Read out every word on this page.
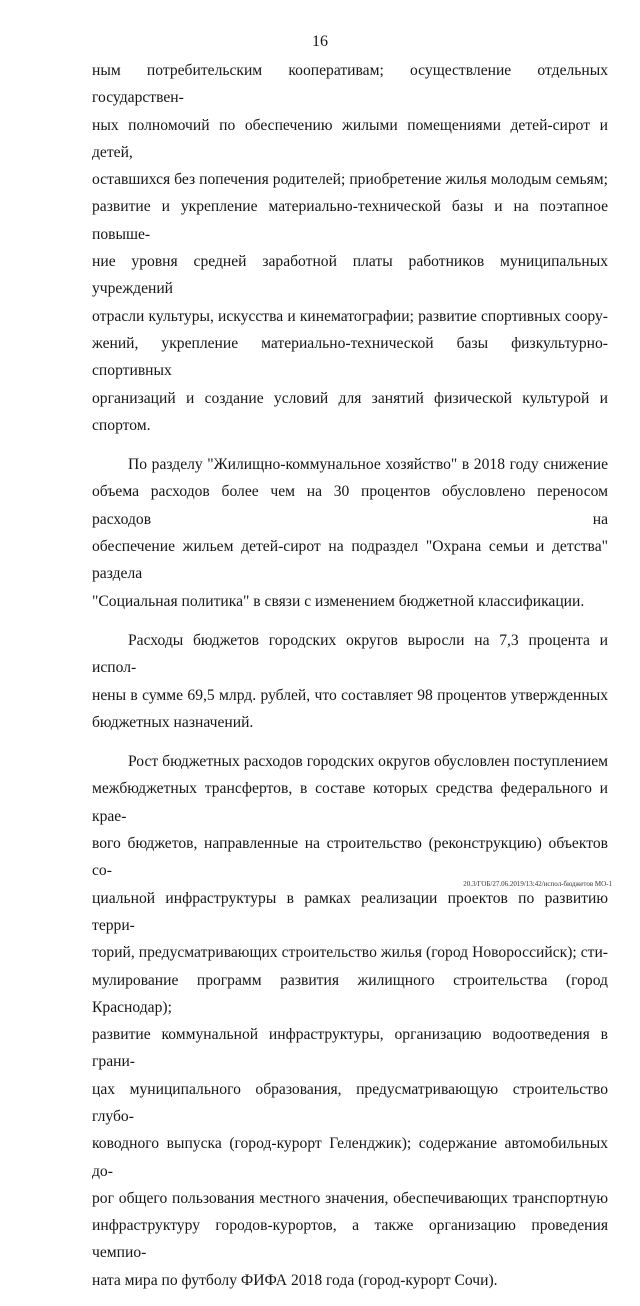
16

ным потребительским кооперативам; осуществление отдельных государствен-
ных полномочий по обеспечению жилыми помещениями детей-сирот и детей,
оставшихся без попечения родителей; приобретение жилья молодым семьям;
развитие и укрепление материально-технической базы и на поэтапное повыше-
ние уровня средней заработной платы работников муниципальных учреждений
отрасли культуры, искусства и кинематографии; развитие спортивных соору-
жений, укрепление материально-технической базы физкультурно-спортивных
организаций и создание условий для занятий физической культурой и спортом.

По разделу "Жилищно-коммунальное хозяйство" в 2018 году снижение
объема расходов более чем на 30 процентов обусловлено переносом расходов на
обеспечение жильем детей-сирот на подраздел "Охрана семьи и детства" раздела
"Социальная политика" в связи с изменением бюджетной классификации.

Расходы бюджетов городских округов выросли на 7,3 процента и испол-
нены в сумме 69,5 млрд. рублей, что составляет 98 процентов утвержденных
бюджетных назначений.

Рост бюджетных расходов городских округов обусловлен поступлением
межбюджетных трансфертов, в составе которых средства федерального и крае-
вого бюджетов, направленные на строительство (реконструкцию) объектов со-
циальной инфраструктуры в рамках реализации проектов по развитию терри-
торий, предусматривающих строительство жилья (город Новороссийск); сти-
мулирование программ развития жилищного строительства (город Краснодар);
развитие коммунальной инфраструктуры, организацию водоотведения в грани-
цах муниципального образования, предусматривающую строительство глубо-
ководного выпуска (город-курорт Геленджик); содержание автомобильных до-
рог общего пользования местного значения, обеспечивающих транспортную
инфраструктуру городов-курортов, а также организацию проведения чемпио-
ната мира по футболу ФИФА 2018 года (город-курорт Сочи).

20.3/ГОБ/27.06.2019/13:42/испол-бюджетов МО-1
